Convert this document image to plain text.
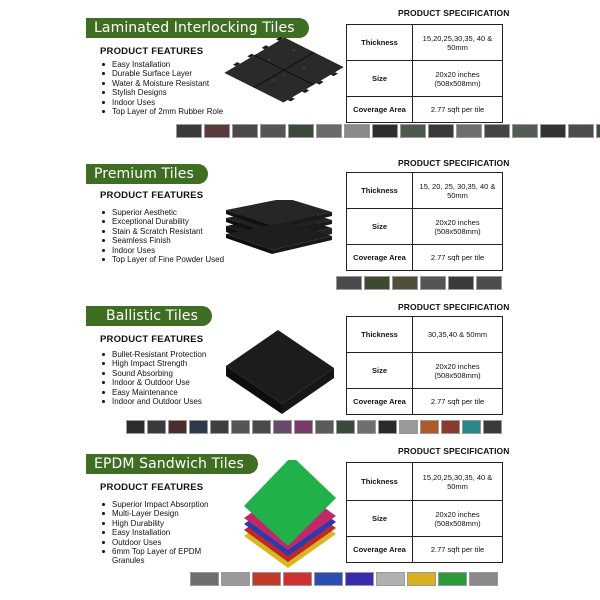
Laminated Interlocking Tiles
PRODUCT FEATURES
Easy Installation
Durable Surface Layer
Water & Moisture Resistant
Stylish Designs
Indoor Uses
Top Layer of 2mm Rubber Role
PRODUCT SPECIFICATION
Thickness	15,20,25,30,35, 40 & 50mm
Size	20x20 inches (508x508mm)
Coverage Area	2.77 sqft per tile
Premium Tiles
PRODUCT FEATURES
Superior Aesthetic
Exceptional Durability
Stain & Scratch Resistant
Seamless Finish
Indoor Uses
Top Layer of Fine Powder Used
PRODUCT SPECIFICATION
Thickness	15, 20, 25, 30,35, 40 & 50mm
Size	20x20 inches (508x508mm)
Coverage Area	2.77 sqft per tile
Ballistic Tiles
PRODUCT FEATURES
Bullet-Resistant Protection
High Impact Strength
Sound Absorbing
Indoor & Outdoor Use
Easy Maintenance
Indoor and Outdoor Uses
PRODUCT SPECIFICATION
Thickness	30,35,40 & 50mm
Size	20x20 inches (508x508mm)
Coverage Area	2.77 sqft per tile
EPDM Sandwich Tiles
PRODUCT FEATURES
Superior Impact Absorption
Multi-Layer Design
High Durability
Easy Installation
Outdoor Uses
6mm Top Layer of EPDM Granules
PRODUCT SPECIFICATION
Thickness	15,20,25,30,35, 40 & 50mm
Size	20x20 inches (508x508mm)
Coverage Area	2.77 sqft per tile
